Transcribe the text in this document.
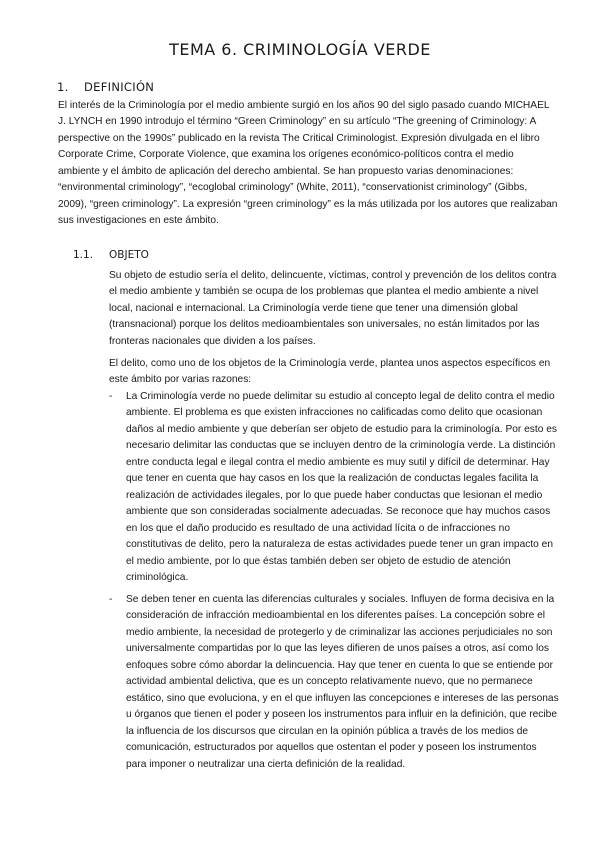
TEMA 6. CRIMINOLOGÍA VERDE
1. DEFINICIÓN

El interés de la Criminología por el medio ambiente surgió en los años 90 del siglo pasado cuando MICHAEL J. LYNCH en 1990 introdujo el término “Green Criminology” en su artículo “The greening of Criminology: A perspective on the 1990s” publicado en la revista The Critical Criminologist. Expresión divulgada en el libro Corporate Crime, Corporate Violence, que examina los orígenes económico-políticos contra el medio ambiente y el ámbito de aplicación del derecho ambiental. Se han propuesto varias denominaciones: “environmental criminology”, “ecoglobal criminology” (White, 2011), “conservationist criminology” (Gibbs, 2009), “green criminology”. La expresión “green criminology” es la más utilizada por los autores que realizaban sus investigaciones en este ámbito.

1.1. OBJETO

Su objeto de estudio sería el delito, delincuente, víctimas, control y prevención de los delitos contra el medio ambiente y también se ocupa de los problemas que plantea el medio ambiente a nivel local, nacional e internacional. La Criminología verde tiene que tener una dimensión global (transnacional) porque los delitos medioambientales son universales, no están limitados por las fronteras nacionales que dividen a los países.

El delito, como uno de los objetos de la Criminología verde, plantea unos aspectos específicos en este ámbito por varias razones:

- La Criminología verde no puede delimitar su estudio al concepto legal de delito contra el medio ambiente. El problema es que existen infracciones no calificadas como delito que ocasionan daños al medio ambiente y que deberían ser objeto de estudio para la criminología. Por esto es necesario delimitar las conductas que se incluyen dentro de la criminología verde. La distinción entre conducta legal e ilegal contra el medio ambiente es muy sutil y difícil de determinar. Hay que tener en cuenta que hay casos en los que la realización de conductas legales facilita la realización de actividades ilegales, por lo que puede haber conductas que lesionan el medio ambiente que son consideradas socialmente adecuadas. Se reconoce que hay muchos casos en los que el daño producido es resultado de una actividad lícita o de infracciones no constitutivas de delito, pero la naturaleza de estas actividades puede tener un gran impacto en el medio ambiente, por lo que éstas también deben ser objeto de estudio de atención criminológica.
- Se deben tener en cuenta las diferencias culturales y sociales. Influyen de forma decisiva en la consideración de infracción medioambiental en los diferentes países. La concepción sobre el medio ambiente, la necesidad de protegerlo y de criminalizar las acciones perjudiciales no son universalmente compartidas por lo que las leyes difieren de unos países a otros, así como los enfoques sobre cómo abordar la delincuencia. Hay que tener en cuenta lo que se entiende por actividad ambiental delictiva, que es un concepto relativamente nuevo, que no permanece estático, sino que evoluciona, y en el que influyen las concepciones e intereses de las personas u órganos que tienen el poder y poseen los instrumentos para influir en la definición, que recibe la influencia de los discursos que circulan en la opinión pública a través de los medios de comunicación, estructurados por aquellos que ostentan el poder y poseen los instrumentos para imponer o neutralizar una cierta definición de la realidad.
